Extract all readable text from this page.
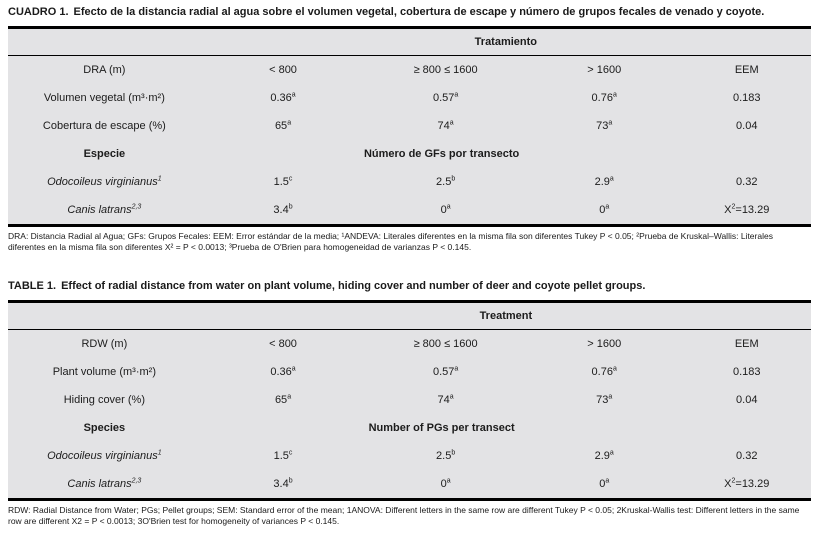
CUADRO 1. Efecto de la distancia radial al agua sobre el volumen vegetal, cobertura de escape y número de grupos fecales de venado y coyote.
	Tratamiento			
DRA (m)	< 800	≥ 800 ≤ 1600	> 1600	EEM
Volumen vegetal (m³·m²)	0.36$^a$	0.57$^a$	0.76$^a$	0.183
Cobertura de escape (%)	65$^a$	74$^a$	73$^a$	0.04
Especie	Número de GFs por transecto			
Odocoileus virginianus$^1$	1.5$^c$	2.5$^b$	2.9$^a$	0.32
Canis latrans$^{2,3}$	3.4$^b$	0$^a$	0$^a$	$X^2=13.29$
DRA: Distancia Radial al Agua; GFs: Grupos Fecales: EEM: Error estándar de la media; ¹ANDEVA: Literales diferentes en la misma fila son diferentes Tukey P < 0.05; ²Prueba de Kruskal–Wallis: Literales diferentes en la misma fila son diferentes X² = P < 0.0013; ³Prueba de O'Brien para homogeneidad de varianzas P < 0.145.
TABLE 1. Effect of radial distance from water on plant volume, hiding cover and number of deer and coyote pellet groups.
	Treatment			
RDW (m)	< 800	≥ 800 ≤ 1600	> 1600	EEM
Plant volume (m³·m²)	0.36$^a$	0.57$^a$	0.76$^a$	0.183
Hiding cover (%)	65$^a$	74$^a$	73$^a$	0.04
Species	Number of PGs per transect			
Odocoileus virginianus$^1$	1.5$^c$	2.5$^b$	2.9$^a$	0.32
Canis latrans$^{2,3}$	3.4$^b$	0$^a$	0$^a$	$X^2=13.29$
RDW: Radial Distance from Water; PGs; Pellet groups; SEM: Standard error of the mean; 1ANOVA: Different letters in the same row are different Tukey P < 0.05; 2Kruskal-Wallis test: Different letters in the same row are different X2 = P < 0.0013; 3O'Brien test for homogeneity of variances P < 0.145.
